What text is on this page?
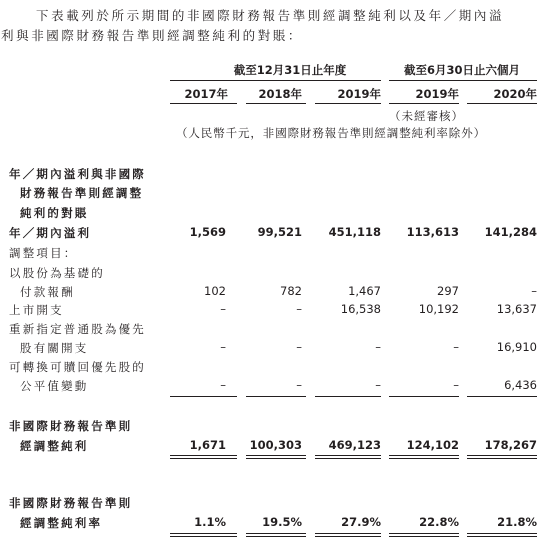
下表載列於所示期間的非國際財務報告準則經調整純利以及年／期內溢
利與非國際財務報告準則經調整純利的對賬：
截至12月31日止年度	截至6月30日止六個月
2017年	2018年	2019年	2019年	2020年
（未經審核）
（人民幣千元，非國際財務報告準則經調整純利率除外）
年／期內溢利與非國際
財務報告準則經調整
純利的對賬
年／期內溢利	1,569	99,521	451,118	113,613	141,284
調整項目：
以股份為基礎的
付款報酬	102	782	1,467	297	–
上市開支	–	–	16,538	10,192	13,637
重新指定普通股為優先
股有關開支	–	–	–	–	16,910
可轉換可贖回優先股的
公平值變動	–	–	–	–	6,436
非國際財務報告準則
經調整純利	1,671	100,303	469,123	124,102	178,267
非國際財務報告準則
經調整純利率	1.1%	19.5%	27.9%	22.8%	21.8%
